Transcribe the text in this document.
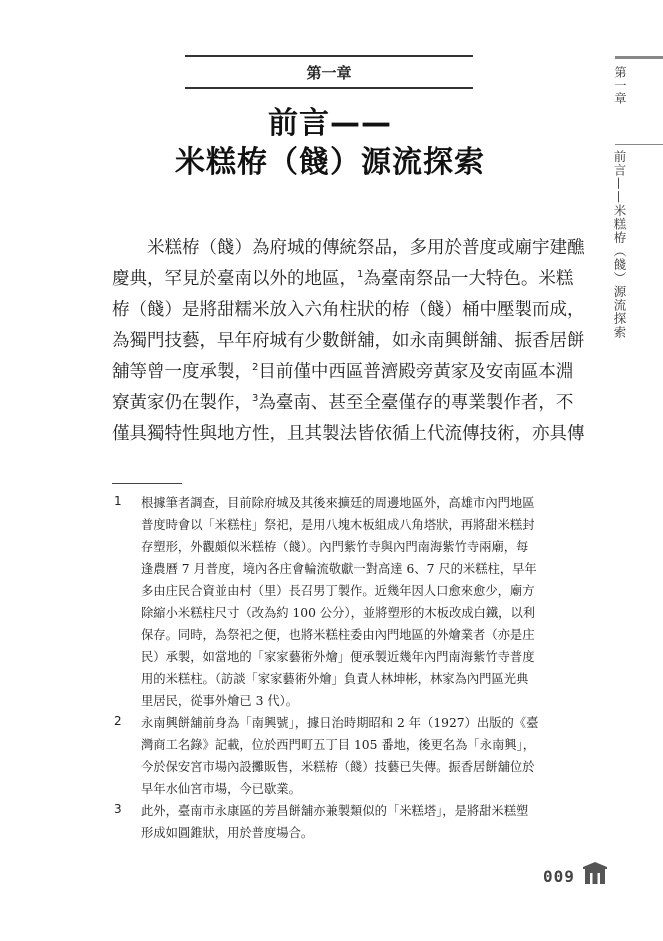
第一章
前言——
米糕栫（餞）源流探索
　　米糕栫（餞）為府城的傳統祭品，多用於普度或廟宇建醮
慶典，罕見於臺南以外的地區，$^1$為臺南祭品一大特色。米糕
栫（餞）是將甜糯米放入六角柱狀的栫（餞）桶中壓製而成，
為獨門技藝，早年府城有少數餅舖，如永南興餅舖、振香居餅
舖等曾一度承製，$^2$目前僅中西區普濟殿旁黃家及安南區本淵
寮黃家仍在製作，$^3$為臺南、甚至全臺僅存的專業製作者，不
僅具獨特性與地方性，且其製法皆依循上代流傳技術，亦具傳
1 根據筆者調查，目前除府城及其後來擴廷的周邊地區外，高雄市內門地區
普度時會以「米糕柱」祭祀，是用八塊木板組成八角塔狀，再將甜米糕封
存塑形，外觀頗似米糕栫（餞）。內門紫竹寺與內門南海紫竹寺兩廟，每
逢農曆 7 月普度，境內各庄會輪流敬獻一對高達 6、7 尺的米糕柱，早年
多由庄民合資並由村（里）長召男丁製作。近幾年因人口愈來愈少，廟方
除縮小米糕柱尺寸（改為約 100 公分），並將塑形的木板改成白鐵，以利
保存。同時，為祭祀之便，也將米糕柱委由內門地區的外燴業者（亦是庄
民）承製，如當地的「家家藝術外燴」便承製近幾年內門南海紫竹寺普度
用的米糕柱。（訪談「家家藝術外燴」負責人林坤彬，林家為內門區光典
里居民，從事外燴已 3 代）。
2 永南興餅舖前身為「南興號」，據日治時期昭和 2 年（1927）出版的《臺
灣商工名錄》記載，位於西門町五丁目 105 番地，後更名為「永南興」，
今於保安宮市場內設攤販售，米糕栫（餞）技藝已失傳。振香居餅舖位於
早年水仙宮市場，今已歇業。
3 此外，臺南市永康區的芳昌餅舖亦兼製類似的「米糕塔」，是將甜米糕塑
形成如圓錐狀，用於普度場合。
第一章
前言——米糕栫（餞）源流探索
009
